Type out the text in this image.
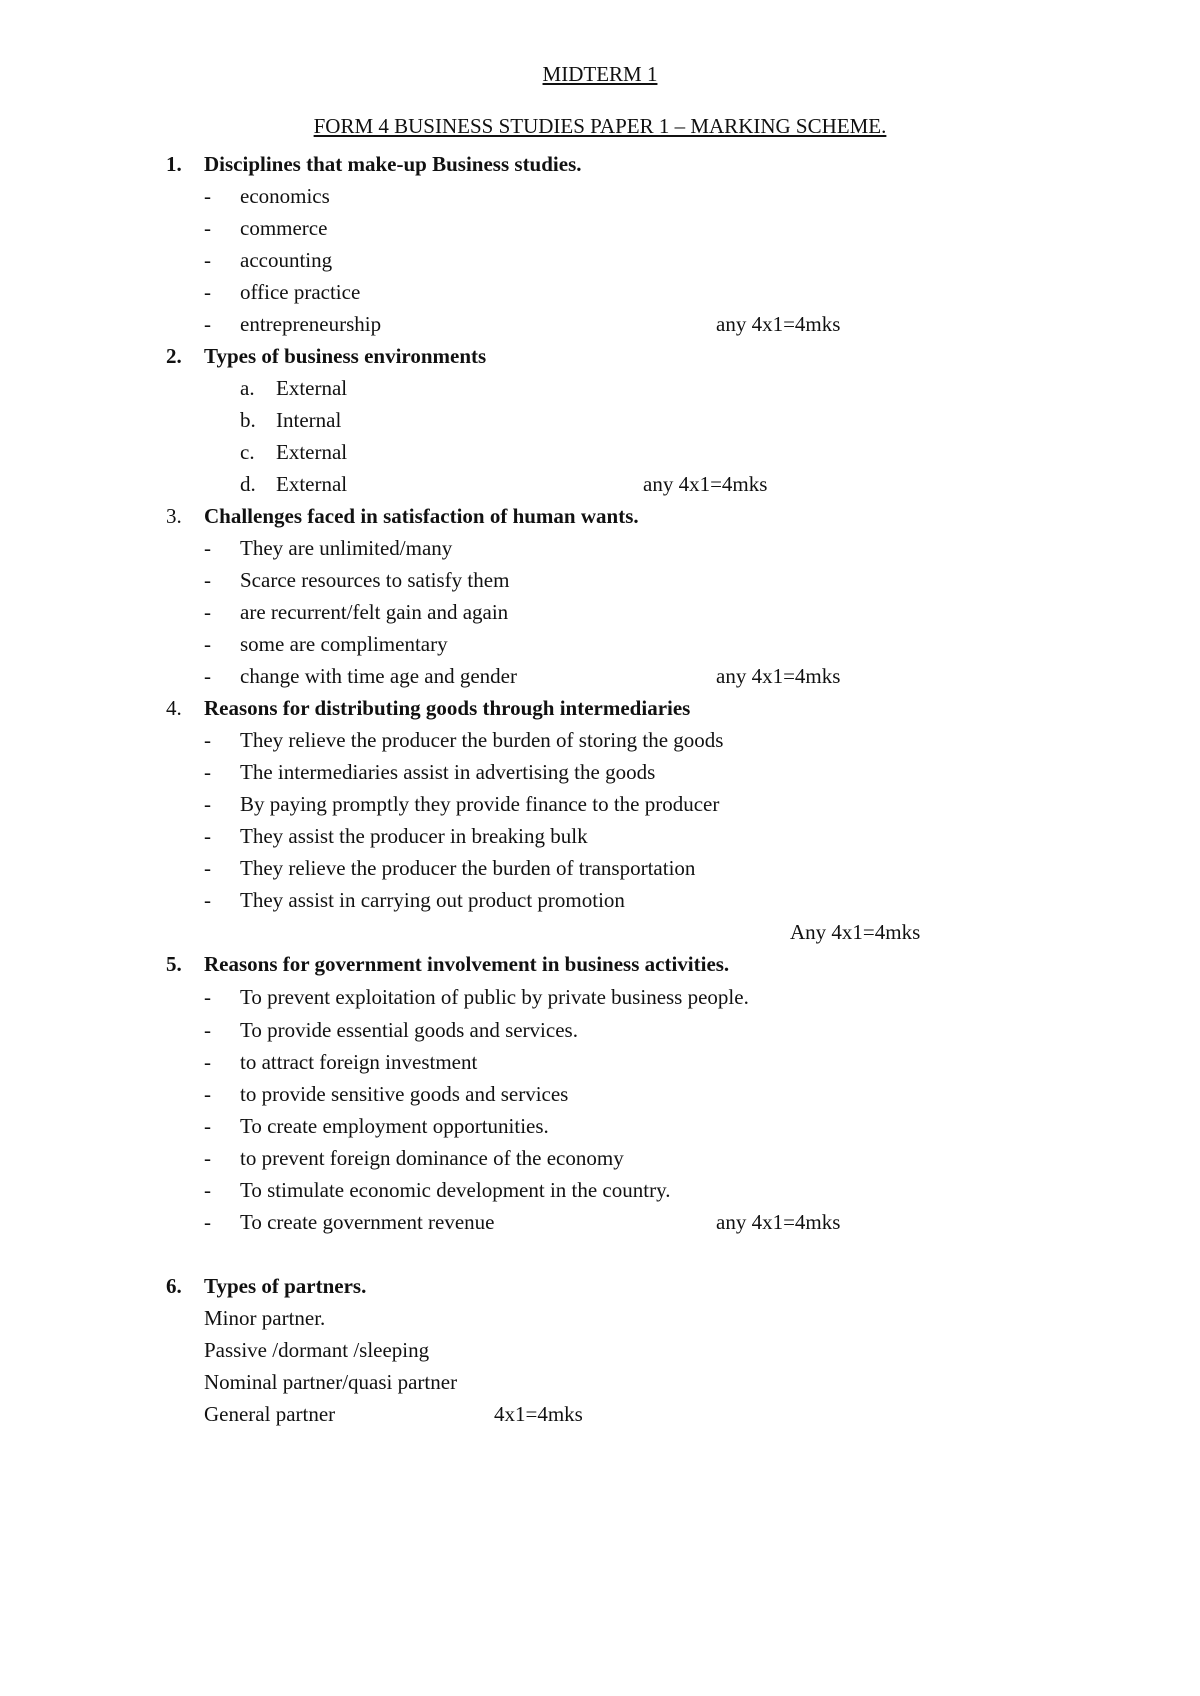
MIDTERM 1
FORM 4 BUSINESS STUDIES PAPER 1 – MARKING SCHEME.
1. Disciplines that make-up Business studies.
- economics
- commerce
- accounting
- office practice
- entrepreneurship	any 4x1=4mks
2. Types of business environments
a. External
b. Internal
c. External
d. External	any 4x1=4mks
3. Challenges faced in satisfaction of human wants.
- They are unlimited/many
- Scarce resources to satisfy them
- are recurrent/felt gain and again
- some are complimentary
- change with time age and gender	any 4x1=4mks
4. Reasons for distributing goods through intermediaries
- They relieve the producer the burden of storing the goods
- The intermediaries assist in advertising the goods
- By paying promptly they provide finance to the producer
- They assist the producer in breaking bulk
- They relieve the producer the burden of transportation
- They assist in carrying out product promotion
Any 4x1=4mks
5. Reasons for government involvement in business activities.
- To prevent exploitation of public by private business people.
- To provide essential goods and services.
- to attract foreign investment
- to provide sensitive goods and services
- To create employment opportunities.
- to prevent foreign dominance of the economy
- To stimulate economic development in the country.
- To create government revenue	any 4x1=4mks
6. Types of partners.
Minor partner.
Passive /dormant /sleeping
Nominal partner/quasi partner
General partner	4x1=4mks
